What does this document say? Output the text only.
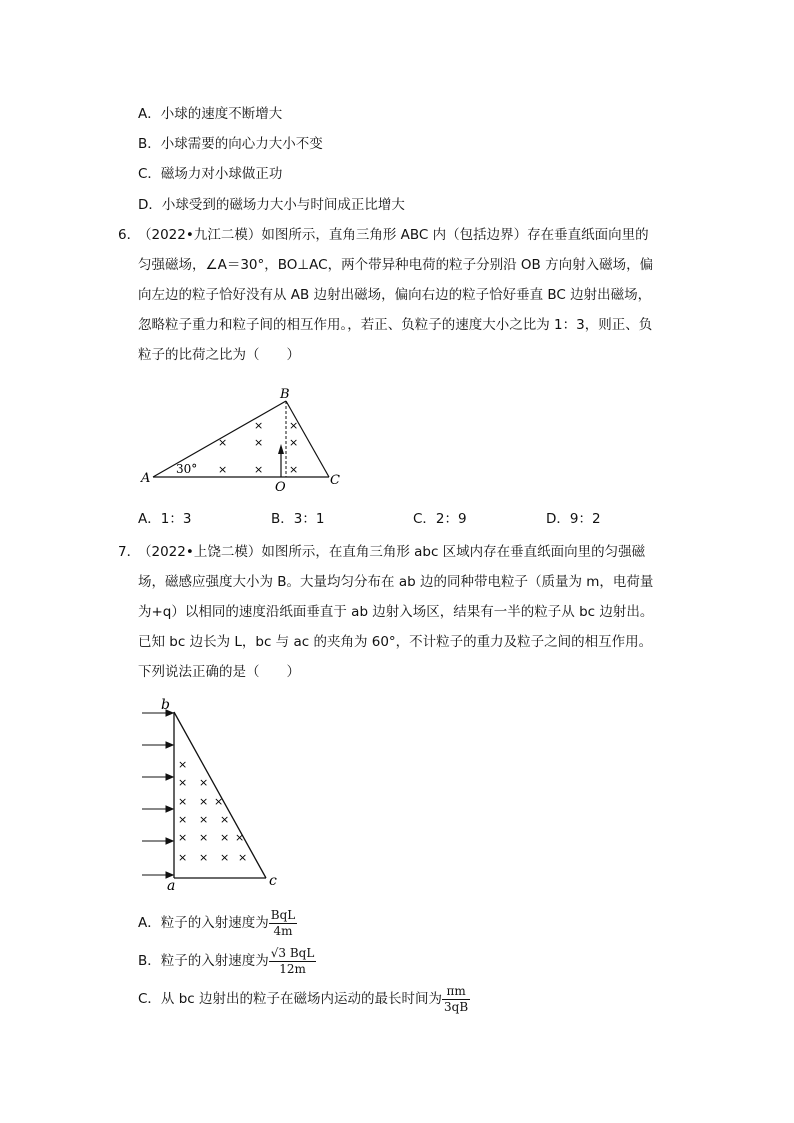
A．小球的速度不断增大
B．小球需要的向心力大小不变
C．磁场力对小球做正功
D．小球受到的磁场力大小与时间成正比增大
6．
（2022•九江二模）如图所示，直角三角形 ABC 内（包括边界）存在垂直纸面向里的匀强磁场，∠A＝30°，BO⊥AC，两个带异种电荷的粒子分别沿 OB 方向射入磁场，偏向左边的粒子恰好没有从 AB 边射出磁场，偏向右边的粒子恰好垂直 BC 边射出磁场，忽略粒子重力和粒子间的相互作用。，若正、负粒子的速度大小之比为 1：3，则正、负粒子的比荷之比为（　　）
A
B
C
O
30°
× ×
× × ×
× × ×
A．1：3	B．3：1	C．2：9	D．9：2
7．
（2022•上饶二模）如图所示，在直角三角形 abc 区域内存在垂直纸面向里的匀强磁场，磁感应强度大小为 B。大量均匀分布在 ab 边的同种带电粒子（质量为 m，电荷量为+q）以相同的速度沿纸面垂直于 ab 边射入场区，结果有一半的粒子从 bc 边射出。已知 bc 边长为 L，bc 与 ac 的夹角为 60°，不计粒子的重力及粒子之间的相互作用。下列说法正确的是（　　）
b
a	c
×
× ×
× × ×
× × ×
× × × ×
× × × ×
A．粒子的入射速度为 $\frac{\text{BqL}}{4m}$
B．粒子的入射速度为 $\frac{\text{√3 BqL}}{12m}$
C．从 bc 边射出的粒子在磁场内运动的最长时间为 $\frac{\pi m}{3qB}$
